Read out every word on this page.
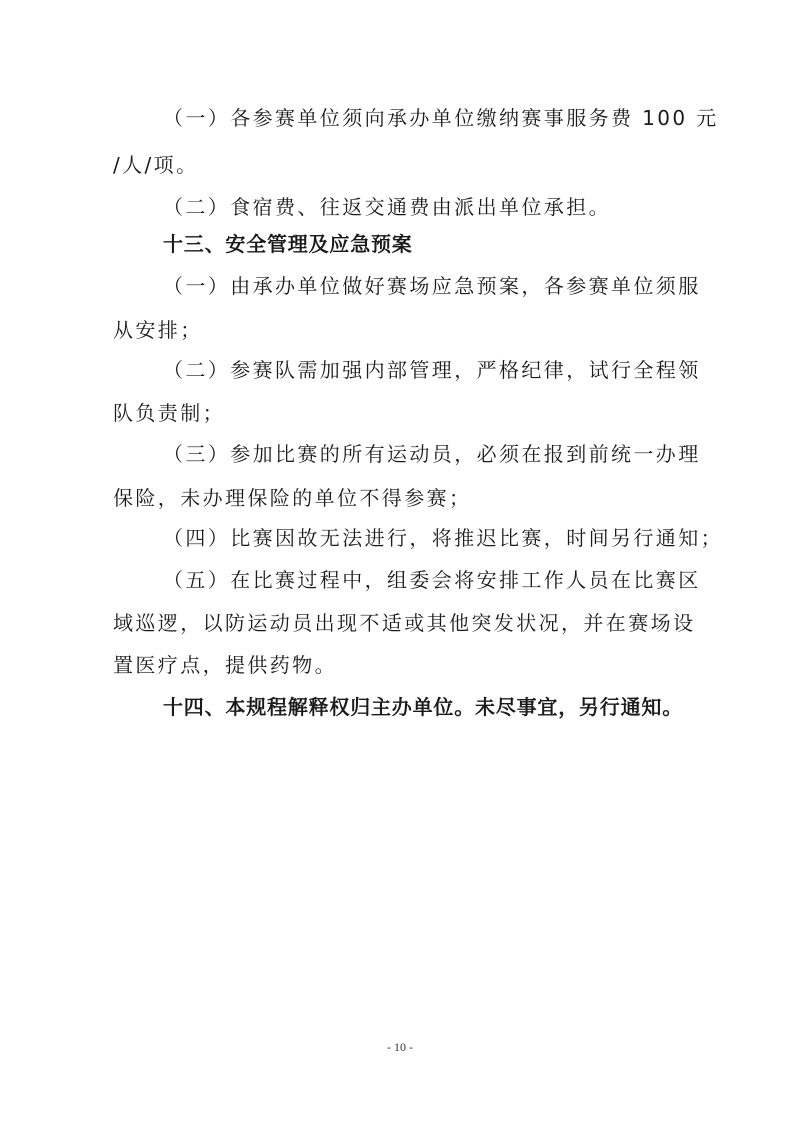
（一）各参赛单位须向承办单位缴纳赛事服务费 100 元
/人/项。
（二）食宿费、往返交通费由派出单位承担。
十三、安全管理及应急预案
（一）由承办单位做好赛场应急预案，各参赛单位须服
从安排；
（二）参赛队需加强内部管理，严格纪律，试行全程领
队负责制；
（三）参加比赛的所有运动员，必须在报到前统一办理
保险，未办理保险的单位不得参赛；
（四）比赛因故无法进行，将推迟比赛，时间另行通知；
（五）在比赛过程中，组委会将安排工作人员在比赛区
域巡逻，以防运动员出现不适或其他突发状况，并在赛场设
置医疗点，提供药物。
十四、本规程解释权归主办单位。未尽事宜，另行通知。
- 10 -
